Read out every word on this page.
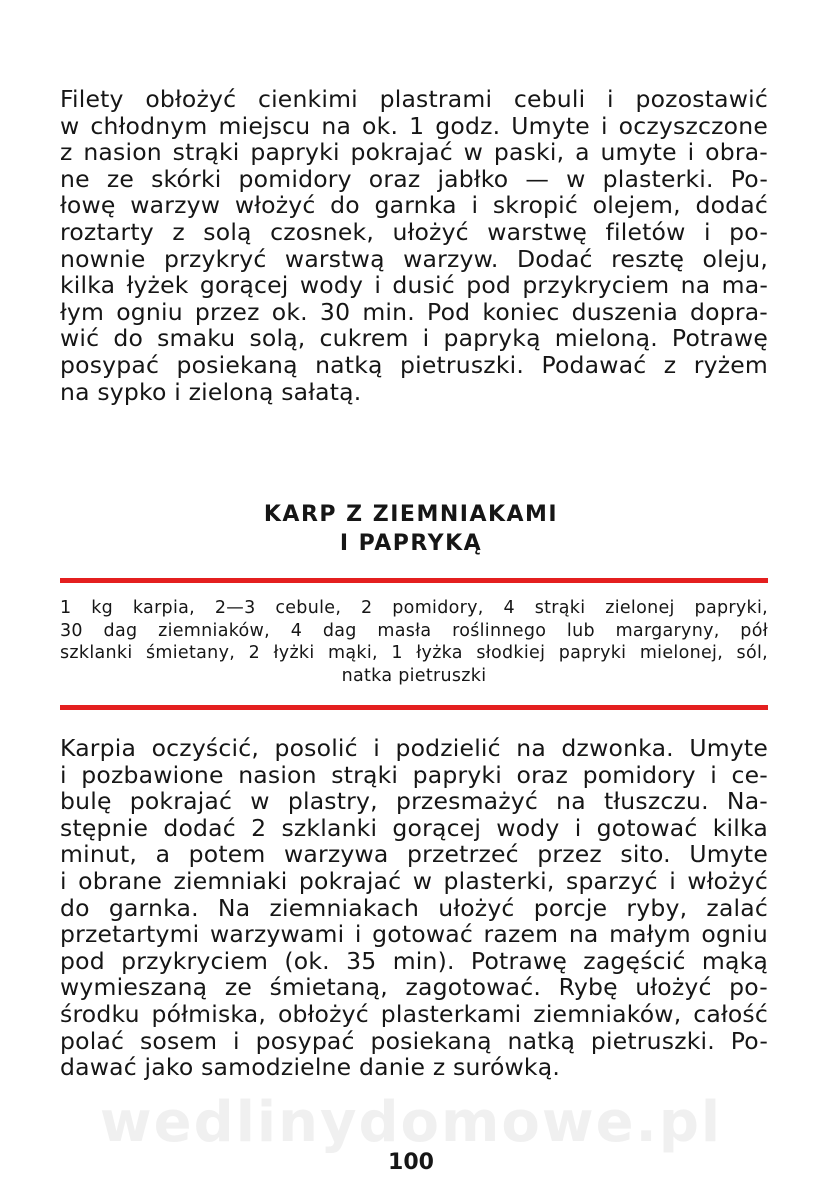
Filety obłożyć cienkimi plastrami cebuli i pozostawić
w chłodnym miejscu na ok. 1 godz. Umyte i oczyszczone
z nasion strąki papryki pokrajać w paski, a umyte i obra-
ne ze skórki pomidory oraz jabłko — w plasterki. Po-
łowę warzyw włożyć do garnka i skropić olejem, dodać
roztarty z solą czosnek, ułożyć warstwę filetów i po-
nownie przykryć warstwą warzyw. Dodać resztę oleju,
kilka łyżek gorącej wody i dusić pod przykryciem na ma-
łym ogniu przez ok. 30 min. Pod koniec duszenia dopra-
wić do smaku solą, cukrem i papryką mieloną. Potrawę
posypać posiekaną natką pietruszki. Podawać z ryżem
na sypko i zieloną sałatą.
KARP Z ZIEMNIAKAMI
I PAPRYKĄ
1 kg karpia, 2—3 cebule, 2 pomidory, 4 strąki zielonej papryki,
30 dag ziemniaków, 4 dag masła roślinnego lub margaryny, pół
szklanki śmietany, 2 łyżki mąki, 1 łyżka słodkiej papryki mielonej, sól,
natka pietruszki
Karpia oczyścić, posolić i podzielić na dzwonka. Umyte
i pozbawione nasion strąki papryki oraz pomidory i ce-
bulę pokrajać w plastry, przesmażyć na tłuszczu. Na-
stępnie dodać 2 szklanki gorącej wody i gotować kilka
minut, a potem warzywa przetrzeć przez sito. Umyte
i obrane ziemniaki pokrajać w plasterki, sparzyć i włożyć
do garnka. Na ziemniakach ułożyć porcje ryby, zalać
przetartymi warzywami i gotować razem na małym ogniu
pod przykryciem (ok. 35 min). Potrawę zagęścić mąką
wymieszaną ze śmietaną, zagotować. Rybę ułożyć po-
środku półmiska, obłożyć plasterkami ziemniaków, całość
polać sosem i posypać posiekaną natką pietruszki. Po-
dawać jako samodzielne danie z surówką.
wedlinydomowe.pl
100
